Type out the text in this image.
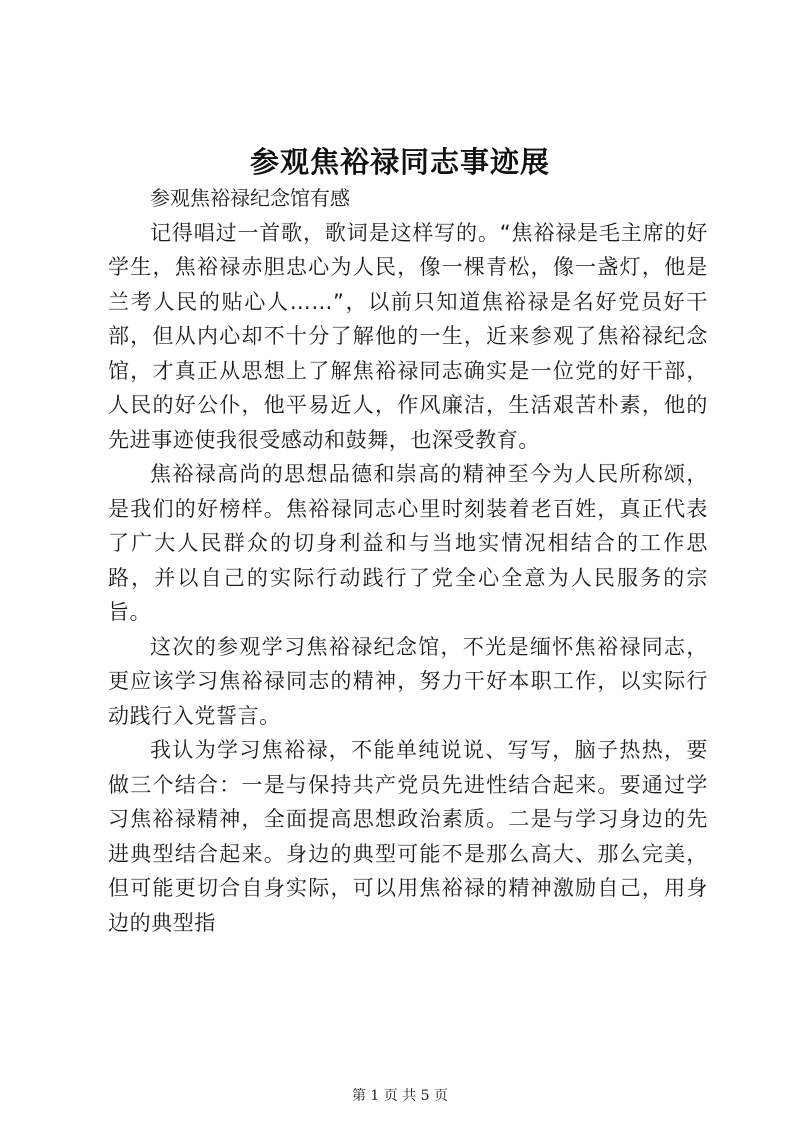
参观焦裕禄同志事迹展

参观焦裕禄纪念馆有感

记得唱过一首歌，歌词是这样写的。“焦裕禄是毛主席的好学生，焦裕禄赤胆忠心为人民，像一棵青松，像一盏灯，他是兰考人民的贴心人……”，以前只知道焦裕禄是名好党员好干部，但从内心却不十分了解他的一生，近来参观了焦裕禄纪念馆，才真正从思想上了解焦裕禄同志确实是一位党的好干部，人民的好公仆，他平易近人，作风廉洁，生活艰苦朴素，他的先进事迹使我很受感动和鼓舞，也深受教育。

焦裕禄高尚的思想品德和崇高的精神至今为人民所称颂，是我们的好榜样。焦裕禄同志心里时刻装着老百姓，真正代表了广大人民群众的切身利益和与当地实情况相结合的工作思路，并以自己的实际行动践行了党全心全意为人民服务的宗旨。

这次的参观学习焦裕禄纪念馆，不光是缅怀焦裕禄同志，更应该学习焦裕禄同志的精神，努力干好本职工作，以实际行动践行入党誓言。

我认为学习焦裕禄，不能单纯说说、写写，脑子热热，要做三个结合：一是与保持共产党员先进性结合起来。要通过学习焦裕禄精神，全面提高思想政治素质。二是与学习身边的先进典型结合起来。身边的典型可能不是那么高大、那么完美，但可能更切合自身实际，可以用焦裕禄的精神激励自己，用身边的典型指

第 1 页 共 5 页
